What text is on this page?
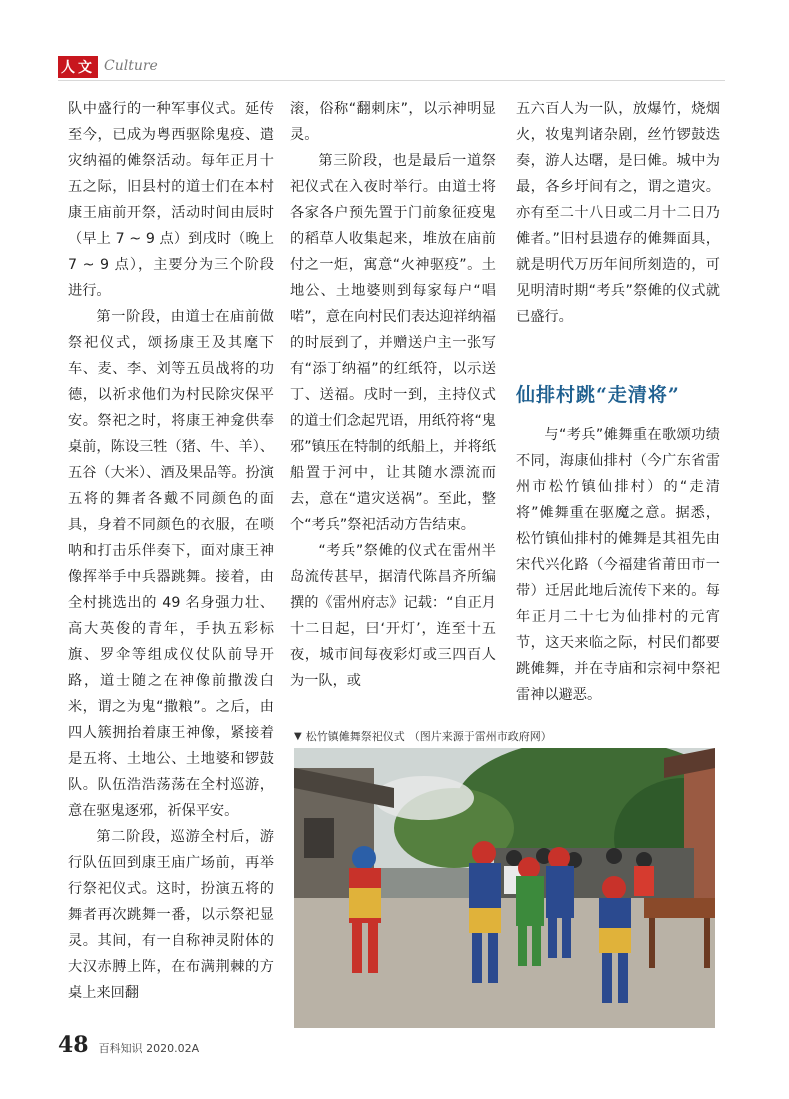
人文 Culture

队中盛行的一种军事仪式。延传至今，已成为粤西驱除鬼疫、遣灾纳福的傩祭活动。每年正月十五之际，旧县村的道士们在本村康王庙前开祭，活动时间由辰时（早上 7 ~ 9 点）到戌时（晚上 7 ~ 9 点），主要分为三个阶段进行。

第一阶段，由道士在庙前做祭祀仪式，颂扬康王及其麾下车、麦、李、刘等五员战将的功德，以祈求他们为村民除灾保平安。祭祀之时，将康王神龛供奉桌前，陈设三牲（猪、牛、羊）、五谷（大米）、酒及果品等。扮演五将的舞者各戴不同颜色的面具，身着不同颜色的衣服，在唢呐和打击乐伴奏下，面对康王神像挥举手中兵器跳舞。接着，由全村挑选出的 49 名身强力壮、高大英俊的青年，手执五彩标旗、罗伞等组成仪仗队前导开路，道士随之在神像前撒泼白米，谓之为鬼“撒粮”。之后，由四人簇拥抬着康王神像，紧接着是五将、土地公、土地婆和锣鼓队。队伍浩浩荡荡在全村巡游，意在驱鬼逐邪，祈保平安。

第二阶段，巡游全村后，游行队伍回到康王庙广场前，再举行祭祀仪式。这时，扮演五将的舞者再次跳舞一番，以示祭祀显灵。其间，有一自称神灵附体的大汉赤膊上阵，在布满荆棘的方桌上来回翻

滚，俗称“翻刺床”，以示神明显灵。

第三阶段，也是最后一道祭祀仪式在入夜时举行。由道士将各家各户预先置于门前象征疫鬼的稻草人收集起来，堆放在庙前付之一炬，寓意“火神驱疫”。土地公、土地婆则到每家每户“唱喏”，意在向村民们表达迎祥纳福的时辰到了，并赠送户主一张写有“添丁纳福”的红纸符，以示送丁、送福。戌时一到，主持仪式的道士们念起咒语，用纸符将“鬼邪”镇压在特制的纸船上，并将纸船置于河中，让其随水漂流而去，意在“遣灾送祸”。至此，整个“考兵”祭祀活动方告结束。

“考兵”祭傩的仪式在雷州半岛流传甚早，据清代陈昌齐所编撰的《雷州府志》记载：“自正月十二日起，曰‘开灯’，连至十五夜，城市间每夜彩灯或三四百人为一队，或

五六百人为一队，放爆竹，烧烟火，妆鬼判诸杂剧，丝竹锣鼓迭奏，游人达曙，是曰傩。城中为最，各乡圩间有之，谓之遣灾。亦有至二十八日或二月十二日乃傩者。”旧村县遗存的傩舞面具，就是明代万历年间所刻造的，可见明清时期“考兵”祭傩的仪式就已盛行。

仙排村跳“走清将”

与“考兵”傩舞重在歌颂功绩不同，海康仙排村（今广东省雷州市松竹镇仙排村）的“走清将”傩舞重在驱魔之意。据悉，松竹镇仙排村的傩舞是其祖先由宋代兴化路（今福建省莆田市一带）迁居此地后流传下来的。每年正月二十七为仙排村的元宵节，这天来临之际，村民们都要跳傩舞，并在寺庙和宗祠中祭祀雷神以避恶。

▼ 松竹镇傩舞祭祀仪式 （图片来源于雷州市政府网）
48 百科知识 2020.02A
